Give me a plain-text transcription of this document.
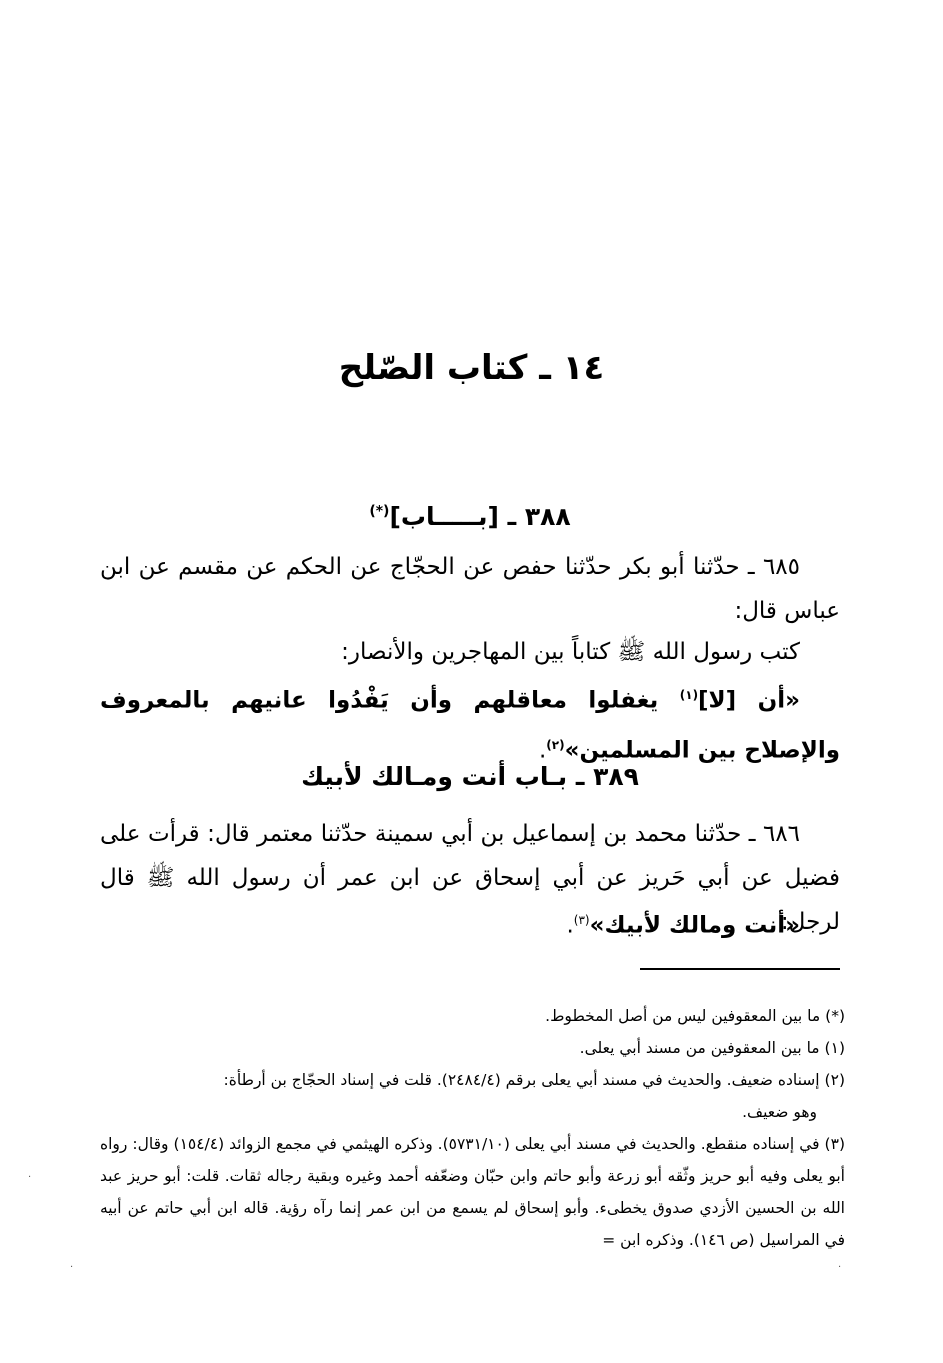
١٤ ـ كتاب الصّلح
٣٨٨ ـ [بـــــاب](*)
٦٨٥ ـ حدّثنا أبو بكر حدّثنا حفص عن الحجّاج عن الحكم عن مقسم عن ابن عباس قال:
كتب رسول الله ﷺ كتاباً بين المهاجرين والأنصار:
«أن [لا]$^{(١)}$ يغفلوا معاقلهم وأن يَفْدُوا عانيهم بالمعروف والإصلاح بين المسلمين»$^{(٢)}$.
٣٨٩ ـ بـاب أنت ومـالك لأبيك
٦٨٦ ـ حدّثنا محمد بن إسماعيل بن أبي سمينة حدّثنا معتمر قال: قرأت على فضيل عن أبي حَريز عن أبي إسحاق عن ابن عمر أن رسول الله ﷺ قال لرجل:
«أنت ومالك لأبيك»$^{(٣)}$.

(*) ما بين المعقوفين ليس من أصل المخطوط.

(١) ما بين المعقوفين من مسند أبي يعلى.

(٢) إسناده ضعيف. والحديث في مسند أبي يعلى برقم (٢٤٨٤/٤). قلت في إسناد الحجّاج بن أرطأة:
وهو ضعيف.

(٣) في إسناده منقطع. والحديث في مسند أبي يعلى (٥٧٣١/١٠). وذكره الهيثمي في مجمع الزوائد (١٥٤/٤) وقال: رواه أبو يعلى وفيه أبو حريز وثّقه أبو زرعة وأبو حاتم وابن حبّان وضعّفه أحمد وغيره وبقية رجاله ثقات. قلت: أبو حريز عبد الله بن الحسين الأزدي صدوق يخطىء. وأبو إسحاق لم يسمع من ابن عمر إنما رآه رؤية. قاله ابن أبي حاتم عن أبيه في المراسيل (ص ١٤٦). وذكره ابن =

·
·	·
